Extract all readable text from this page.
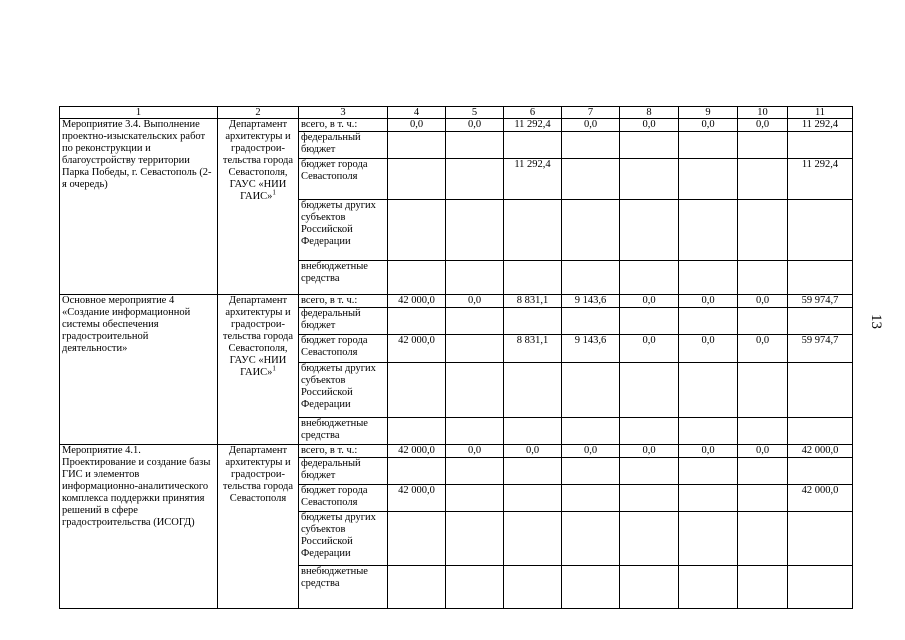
13
1	2	3	4	5	6	7	8	9	10	11
Мероприятие 3.4. Выполнение проектно-изыскательских работ по реконструкции и благоустройству территории Парка Победы, г. Севастополь (2-я очередь)	Департамент архитектуры и градострои-тельства города Севастополя, ГАУС «НИИ ГАИС»$^1$	всего, в т. ч.:	0,0	0,0	11 292,4	0,0	0,0	0,0	0,0	11 292,4
		федеральный бюджет								
		бюджет города Севастополя			11 292,4					11 292,4
		бюджеты других субъектов Российской Федерации								
		внебюджетные средства								
Основное мероприятие 4 «Создание информационной системы обеспечения градостроительной деятельности»	Департамент архитектуры и градострои-тельства города Севастополя, ГАУС «НИИ ГАИС»$^1$	всего, в т. ч.:	42 000,0	0,0	8 831,1	9 143,6	0,0	0,0	0,0	59 974,7
		федеральный бюджет								
		бюджет города Севастополя	42 000,0		8 831,1	9 143,6	0,0	0,0	0,0	59 974,7
		бюджеты других субъектов Российской Федерации								
		внебюджетные средства								
Мероприятие 4.1. Проектирование и создание базы ГИС и элементов информационно-аналитического комплекса поддержки принятия решений в сфере градостроительства (ИСОГД)	Департамент архитектуры и градострои-тельства города Севастополя	всего, в т. ч.:	42 000,0	0,0	0,0	0,0	0,0	0,0	0,0	42 000,0
		федеральный бюджет								
		бюджет города Севастополя	42 000,0							42 000,0
		бюджеты других субъектов Российской Федерации								
		внебюджетные средства								
